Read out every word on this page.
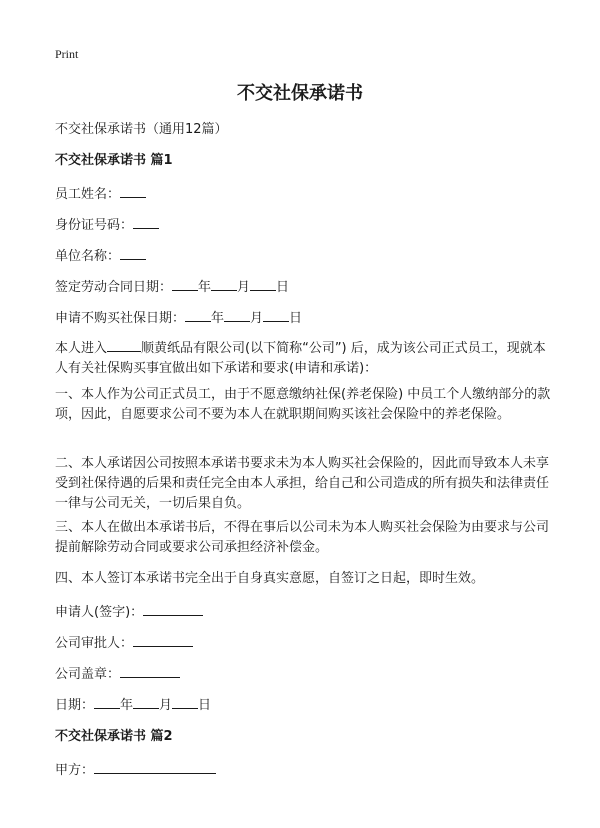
Print
不交社保承诺书
不交社保承诺书（通用12篇）
不交社保承诺书 篇1
员工姓名：
身份证号码：
单位名称：
签定劳动合同日期： 年 月 日
申请不购买社保日期： 年 月 日
本人进入	顺黄纸品有限公司(以下简称“公司”) 后，成为该公司正式员工，现就本人有关社保购买事宜做出如下承诺和要求(申请和承诺)：
一、本人作为公司正式员工，由于不愿意缴纳社保(养老保险) 中员工个人缴纳部分的款项，因此，自愿要求公司不要为本人在就职期间购买该社会保险中的养老保险。
二、本人承诺因公司按照本承诺书要求未为本人购买社会保险的，因此而导致本人未享受到社保待遇的后果和责任完全由本人承担，给自己和公司造成的所有损失和法律责任一律与公司无关，一切后果自负。
三、本人在做出本承诺书后，不得在事后以公司未为本人购买社会保险为由要求与公司提前解除劳动合同或要求公司承担经济补偿金。
四、本人签订本承诺书完全出于自身真实意愿，自签订之日起，即时生效。
申请人(签字)：
公司审批人：
公司盖章：
日期： 年 月 日
不交社保承诺书 篇2
甲方：
